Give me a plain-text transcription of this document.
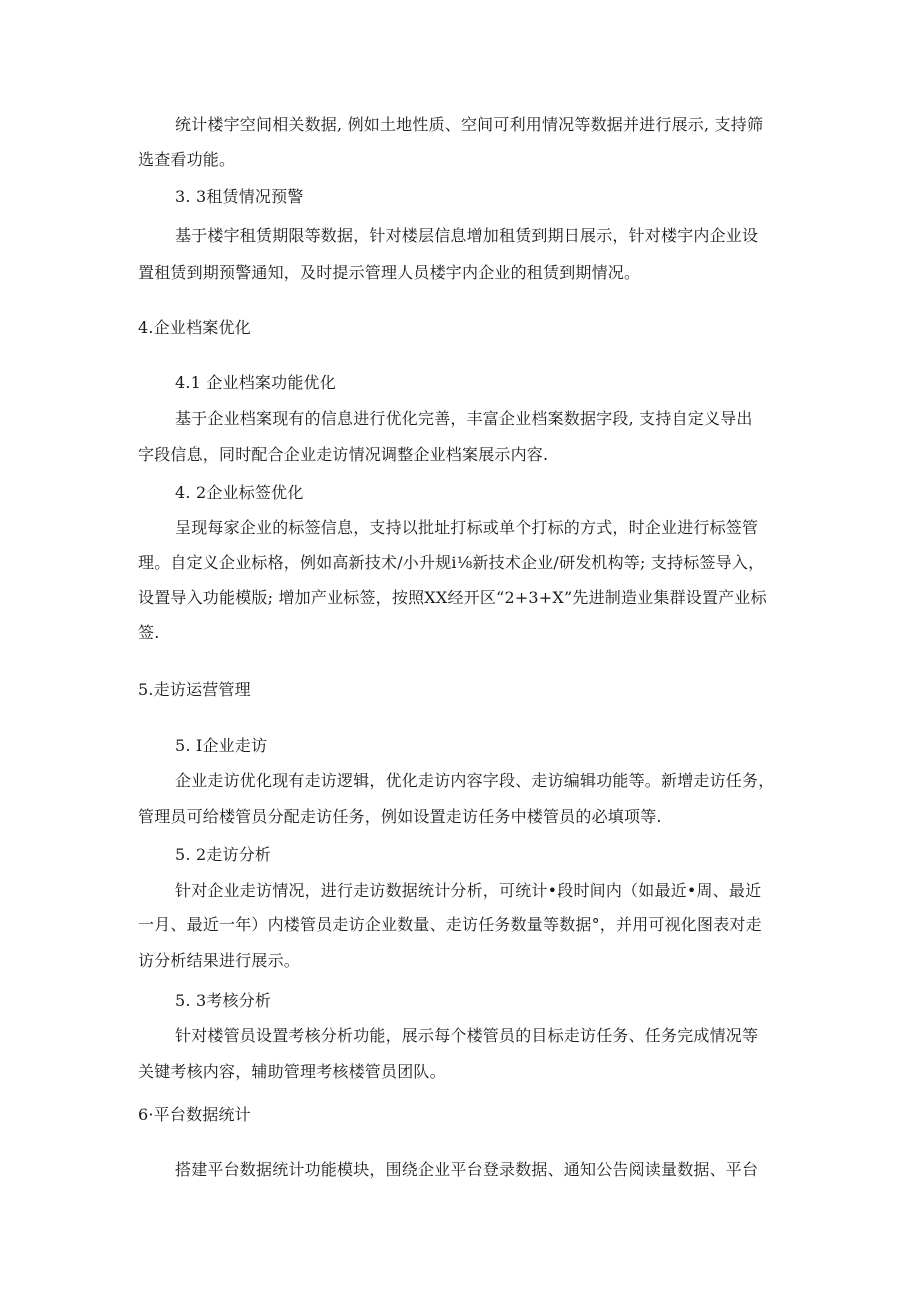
统计楼宇空间相关数据, 例如土地性质、空间可利用情况等数据并进行展示, 支持筛
选查看功能。
3. 3租赁情况预警
基于楼宇租赁期限等数据，针对楼层信息增加租赁到期日展示，针对楼宇内企业设
置租赁到期预警通知，及时提示管理人员楼宇内企业的租赁到期情况。
4.企业档案优化
4.1 企业档案功能优化
基于企业档案现有的信息进行优化完善，丰富企业档案数据字段, 支持自定义导出
字段信息，同时配合企业走访情况调整企业档案展示内容.
4. 2企业标签优化
呈现每家企业的标签信息，支持以批址打标或单个打标的方式，时企业进行标签管
理。自定义企业标格，例如高新技术/小升规i⅛新技术企业/研发机构等; 支持标签导入，
设置导入功能模版; 增加产业标签，按照XX经开区“2+3+X”先进制造业集群设置产业标
签.
5.走访运营管理
5. I企业走访
企业走访优化现有走访逻辑，优化走访内容字段、走访编辑功能等。新增走访任务，
管理员可给楼管员分配走访任务，例如设置走访任务中楼管员的必填项等.
5. 2走访分析
针对企业走访情况，进行走访数据统计分析，可统计•段时间内（如最近•周、最近
一月、最近一年）内楼管员走访企业数量、走访任务数量等数据°，并用可视化图表对走
访分析结果进行展示。
5. 3考核分析
针对楼管员设置考核分析功能，展示每个楼管员的目标走访任务、任务完成情况等
关键考核内容，辅助管理考核楼管员团队。
6·平台数据统计
搭建平台数据统计功能模块，围绕企业平台登录数据、通知公告阅读量数据、平台
